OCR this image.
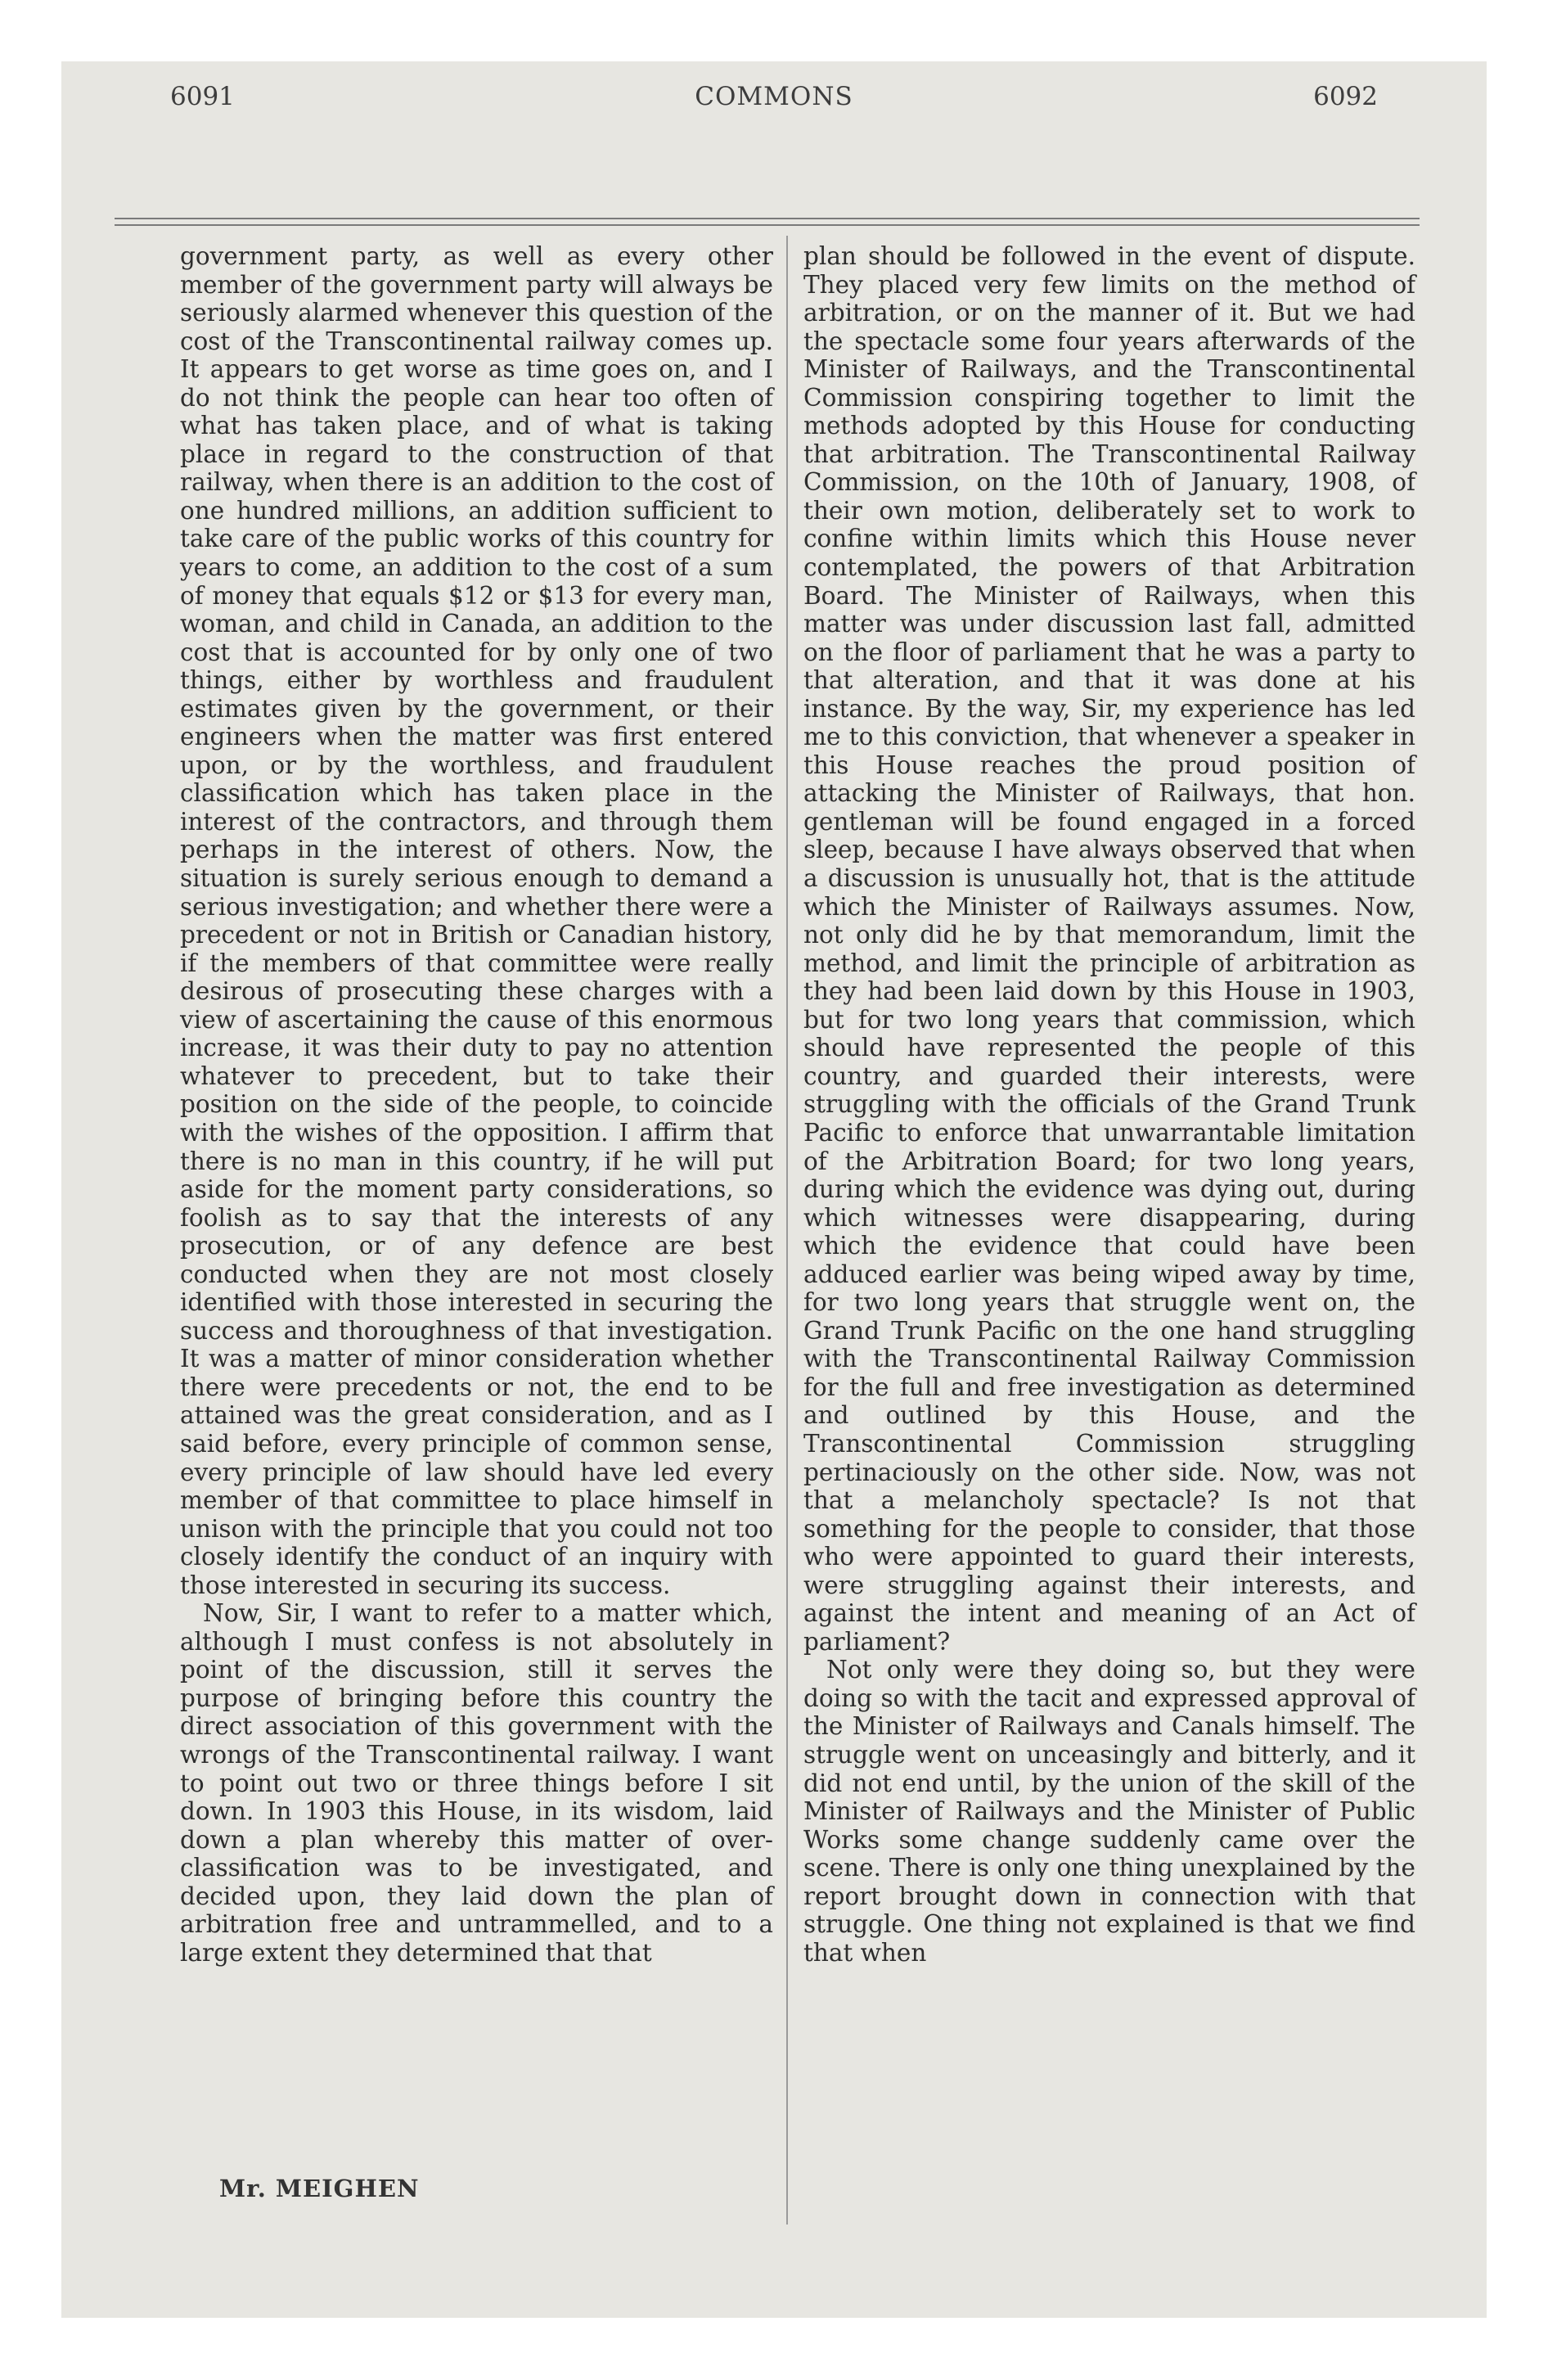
6091	COMMONS	6092

government party, as well as every other member of the government party will always be seriously alarmed whenever this question of the cost of the Transcontinental railway comes up. It appears to get worse as time goes on, and I do not think the people can hear too often of what has taken place, and of what is taking place in regard to the construction of that railway, when there is an addition to the cost of one hundred millions, an addition sufficient to take care of the public works of this country for years to come, an addition to the cost of a sum of money that equals $12 or $13 for every man, woman, and child in Canada, an addition to the cost that is accounted for by only one of two things, either by worthless and fraudulent estimates given by the government, or their engineers when the matter was first entered upon, or by the worthless, and fraudulent classification which has taken place in the interest of the contractors, and through them perhaps in the interest of others. Now, the situation is surely serious enough to demand a serious investigation; and whether there were a precedent or not in British or Canadian history, if the members of that committee were really desirous of prosecuting these charges with a view of ascertaining the cause of this enormous increase, it was their duty to pay no attention whatever to precedent, but to take their position on the side of the people, to coincide with the wishes of the opposition. I affirm that there is no man in this country, if he will put aside for the moment party considerations, so foolish as to say that the interests of any prosecution, or of any defence are best conducted when they are not most closely identified with those interested in securing the success and thoroughness of that investigation. It was a matter of minor consideration whether there were precedents or not, the end to be attained was the great consideration, and as I said before, every principle of common sense, every principle of law should have led every member of that committee to place himself in unison with the principle that you could not too closely identify the conduct of an inquiry with those interested in securing its success.

Now, Sir, I want to refer to a matter which, although I must confess is not absolutely in point of the discussion, still it serves the purpose of bringing before this country the direct association of this government with the wrongs of the Transcontinental railway. I want to point out two or three things before I sit down. In 1903 this House, in its wisdom, laid down a plan whereby this matter of over-classification was to be investigated, and decided upon, they laid down the plan of arbitration free and untrammelled, and to a large extent they determined that that

plan should be followed in the event of dispute. They placed very few limits on the method of arbitration, or on the manner of it. But we had the spectacle some four years afterwards of the Minister of Railways, and the Transcontinental Commission conspiring together to limit the methods adopted by this House for conducting that arbitration. The Transcontinental Railway Commission, on the 10th of January, 1908, of their own motion, deliberately set to work to confine within limits which this House never contemplated, the powers of that Arbitration Board. The Minister of Railways, when this matter was under discussion last fall, admitted on the floor of parliament that he was a party to that alteration, and that it was done at his instance. By the way, Sir, my experience has led me to this conviction, that whenever a speaker in this House reaches the proud position of attacking the Minister of Railways, that hon. gentleman will be found engaged in a forced sleep, because I have always observed that when a discussion is unusually hot, that is the attitude which the Minister of Railways assumes. Now, not only did he by that memorandum, limit the method, and limit the principle of arbitration as they had been laid down by this House in 1903, but for two long years that commission, which should have represented the people of this country, and guarded their interests, were struggling with the officials of the Grand Trunk Pacific to enforce that unwarrantable limitation of the Arbitration Board; for two long years, during which the evidence was dying out, during which witnesses were disappearing, during which the evidence that could have been adduced earlier was being wiped away by time, for two long years that struggle went on, the Grand Trunk Pacific on the one hand struggling with the Transcontinental Railway Commission for the full and free investigation as determined and outlined by this House, and the Transcontinental Commission struggling pertinaciously on the other side. Now, was not that a melancholy spectacle? Is not that something for the people to consider, that those who were appointed to guard their interests, were struggling against their interests, and against the intent and meaning of an Act of parliament?

Not only were they doing so, but they were doing so with the tacit and expressed approval of the Minister of Railways and Canals himself. The struggle went on unceasingly and bitterly, and it did not end until, by the union of the skill of the Minister of Railways and the Minister of Public Works some change suddenly came over the scene. There is only one thing unexplained by the report brought down in connection with that struggle. One thing not explained is that we find that when

Mr. MEIGHEN
